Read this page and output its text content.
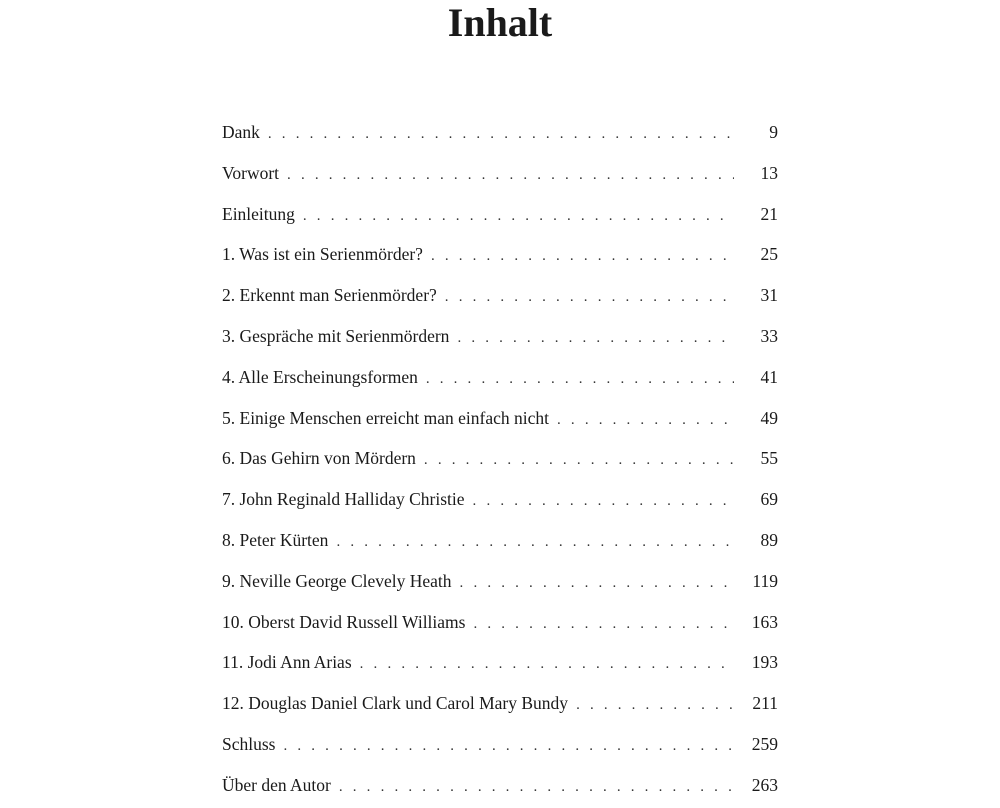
Inhalt
Dank . . .	9
Vorwort . . .	13
Einleitung . . .	21
1. Was ist ein Serienmörder? . . .	25
2. Erkennt man Serienmörder? . . .	31
3. Gespräche mit Serienmördern . . .	33
4. Alle Erscheinungsformen . . .	41
5. Einige Menschen erreicht man einfach nicht . . .	49
6. Das Gehirn von Mördern . . .	55
7. John Reginald Halliday Christie . . .	69
8. Peter Kürten . . .	89
9. Neville George Clevely Heath . . .	119
10. Oberst David Russell Williams . . .	163
11. Jodi Ann Arias . . .	193
12. Douglas Daniel Clark und Carol Mary Bundy . . .	211
Schluss . . .	259
Über den Autor . . .	263
